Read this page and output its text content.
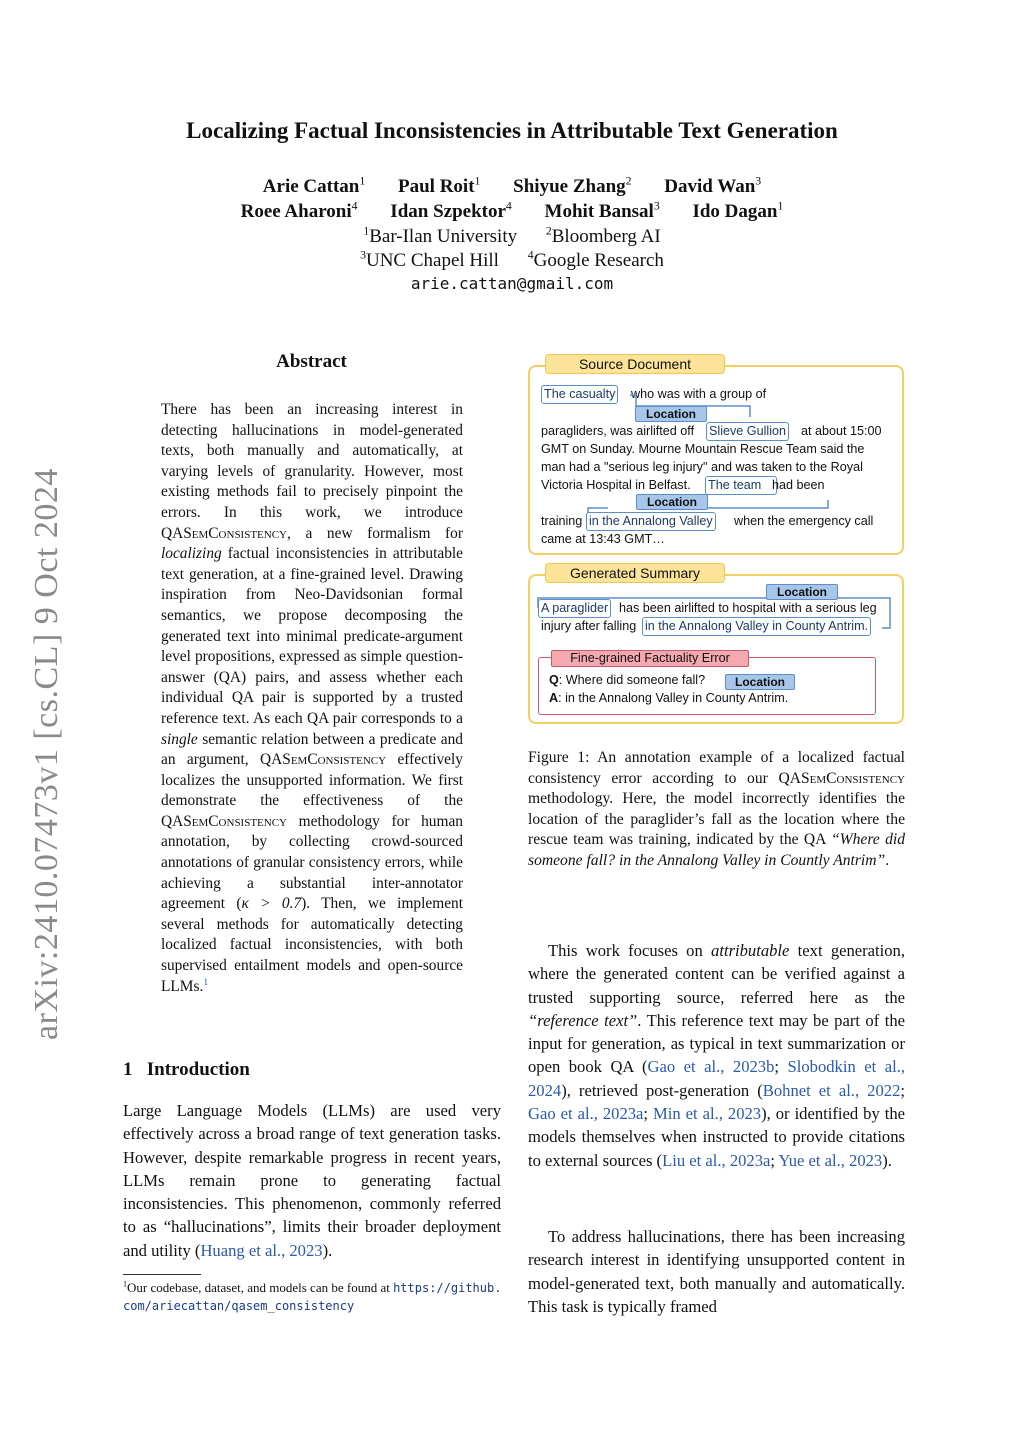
arXiv:2410.07473v1 [cs.CL] 9 Oct 2024
Localizing Factual Inconsistencies in Attributable Text Generation
Arie Cattan$^1$ Paul Roit$^1$ Shiyue Zhang$^2$ David Wan$^3$
Roee Aharoni$^4$ Idan Szpektor$^4$ Mohit Bansal$^3$ Ido Dagan$^1$
$^1$Bar-Ilan University $^2$Bloomberg AI
$^3$UNC Chapel Hill $^4$Google Research
arie.cattan@gmail.com
Abstract
There has been an increasing interest in detecting hallucinations in model-generated texts, both manually and automatically, at varying levels of granularity. However, most existing methods fail to precisely pinpoint the errors. In this work, we introduce QASemConsistency, a new formalism for localizing factual inconsistencies in attributable text generation, at a fine-grained level. Drawing inspiration from Neo-Davidsonian formal semantics, we propose decomposing the generated text into minimal predicate-argument level propositions, expressed as simple question-answer (QA) pairs, and assess whether each individual QA pair is supported by a trusted reference text. As each QA pair corresponds to a single semantic relation between a predicate and an argument, QASemConsistency effectively localizes the unsupported information. We first demonstrate the effectiveness of the QASemConsistency methodology for human annotation, by collecting crowd-sourced annotations of granular consistency errors, while achieving a substantial inter-annotator agreement (κ > 0.7). Then, we implement several methods for automatically detecting localized factual inconsistencies, with both supervised entailment models and open-source LLMs.$^1$
1 Introduction
Large Language Models (LLMs) are used very effectively across a broad range of text generation tasks. However, despite remarkable progress in recent years, LLMs remain prone to generating factual inconsistencies. This phenomenon, commonly referred to as “hallucinations”, limits their broader deployment and utility (Huang et al., 2023).
$^1$Our codebase, dataset, and models can be found at https://github.com/ariecattan/qasem_consistency
Source Document
The casualty who was with a group of
Location
paragliders, was airlifted off Slieve Gullion at about 15:00
GMT on Sunday. Mourne Mountain Rescue Team said the
man had a "serious leg injury" and was taken to the Royal
Victoria Hospital in Belfast. The team had been
Location
training in the Annalong Valley when the emergency call
came at 13:43 GMT…
Generated Summary
Location
A paraglider has been airlifted to hospital with a serious leg
injury after falling in the Annalong Valley in County Antrim.
Fine-grained Factuality Error
Q: Where did someone fall?	Location
A: in the Annalong Valley in County Antrim.
Figure 1: An annotation example of a localized factual consistency error according to our QASemConsistency methodology. Here, the model incorrectly identifies the location of the paraglider’s fall as the location where the rescue team was training, indicated by the QA “Where did someone fall? in the Annalong Valley in Countly Antrim”.
This work focuses on attributable text generation, where the generated content can be verified against a trusted supporting source, referred here as the “reference text”. This reference text may be part of the input for generation, as typical in text summarization or open book QA (Gao et al., 2023b; Slobodkin et al., 2024), retrieved post-generation (Bohnet et al., 2022; Gao et al., 2023a; Min et al., 2023), or identified by the models themselves when instructed to provide citations to external sources (Liu et al., 2023a; Yue et al., 2023).
To address hallucinations, there has been increasing research interest in identifying unsupported content in model-generated text, both manually and automatically. This task is typically framed
